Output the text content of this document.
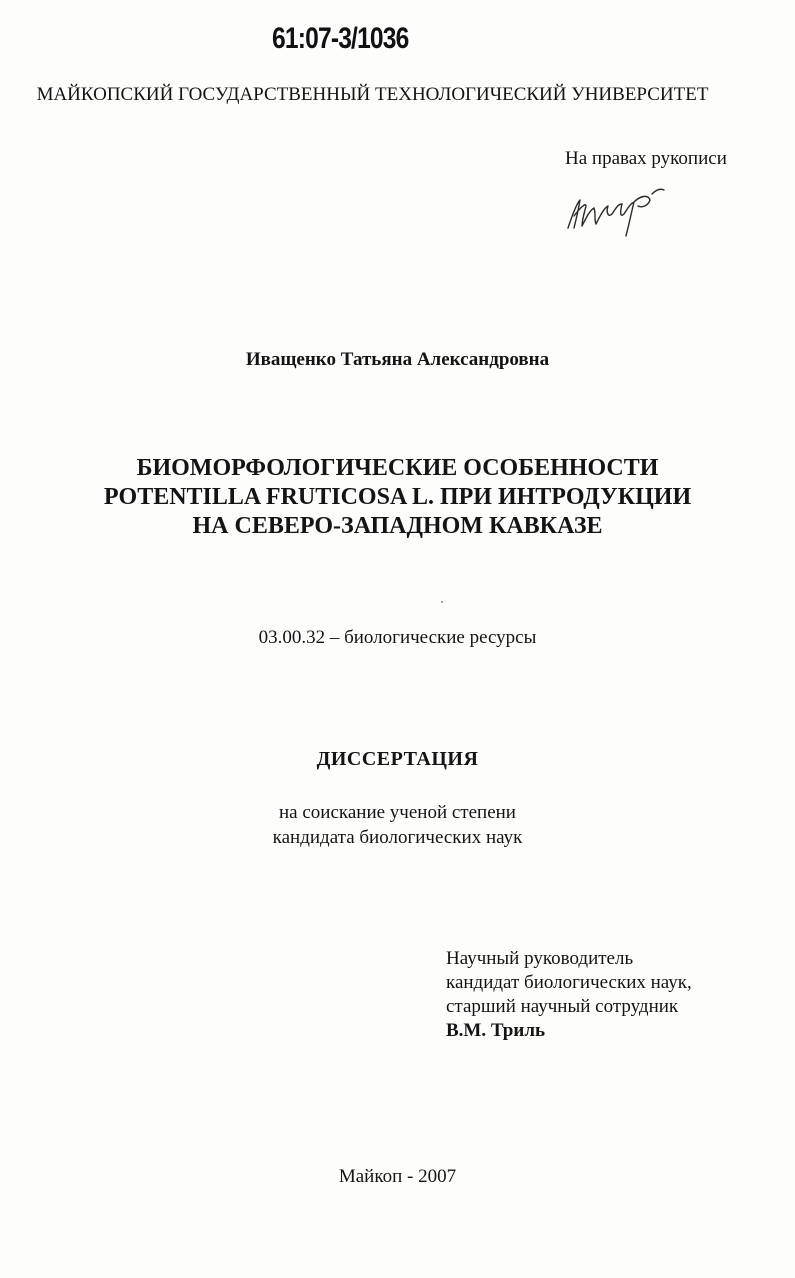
61:07-3/1036
МАЙКОПСКИЙ ГОСУДАРСТВЕННЫЙ ТЕХНОЛОГИЧЕСКИЙ УНИВЕРСИТЕТ
На правах рукописи
Иващенко Татьяна Александровна
БИОМОРФОЛОГИЧЕСКИЕ ОСОБЕННОСТИ
POTENTILLA FRUTICOSA L. ПРИ ИНТРОДУКЦИИ
НА СЕВЕРО-ЗАПАДНОМ КАВКАЗЕ
03.00.32 – биологические ресурсы
ДИССЕРТАЦИЯ
на соискание ученой степени
кандидата биологических наук
Научный руководитель
кандидат биологических наук,
старший научный сотрудник
В.М. Триль
Майкоп - 2007
